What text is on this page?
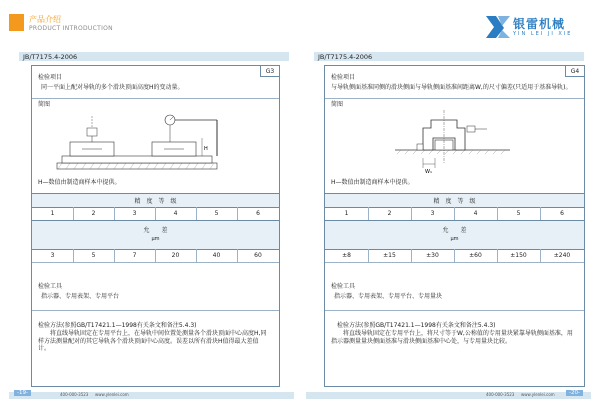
产品介绍
PRODUCT INTRODUCTION	银雷机械
YIN LEI JI XIE
JB/T7175.4-2006
G3
检验项目
同一平面上配对导轨的多个滑块顶面高度H的变动量。
简图
H
H—数值由制造商样本中提供。
精　度　等　级
1	2	3	4	5	6
允　　差
μm
3	5	7	20	40	60
检验工具
指示器、专用表架、专用平台
检验方法(参照GB/T17421.1—1998有关条文和备注5.4.3)
将直线导轨固定在专用平台上，在导轨中间位置处测量各个滑块顶面中心高度H,同样方法测量配对的其它导轨各个滑块顶面中心高度。误差以所有滑块H值得最大差值计。
-19-	400-000-3523 www.ylenlei.com
JB/T7175.4-2006
G4
检验项目
与导轨侧面基准同侧的滑块侧面与导轨侧面基准间距离W,的尺寸偏差(只适用于基准导轨)。
简图
W₁
H—数值由制造商样本中提供。
精　度　等　级
1	2	3	4	5	6
允　　差
μm
±8	±15	±30	±60	±150	±240
检验工具
指示器、专用表架、专用平台、专用量块
检验方法(参照GB/T17421.1—1998有关条文和备注5.4.3)
将直线导轨固定在专用平台上，将尺寸等于W,公称值的专用量块紧靠导轨侧面基准，用指示器测量量块侧面基准与滑块侧面基准中心处，与专用量块比较。
400-000-3523 www.ylenlei.com	-20-
